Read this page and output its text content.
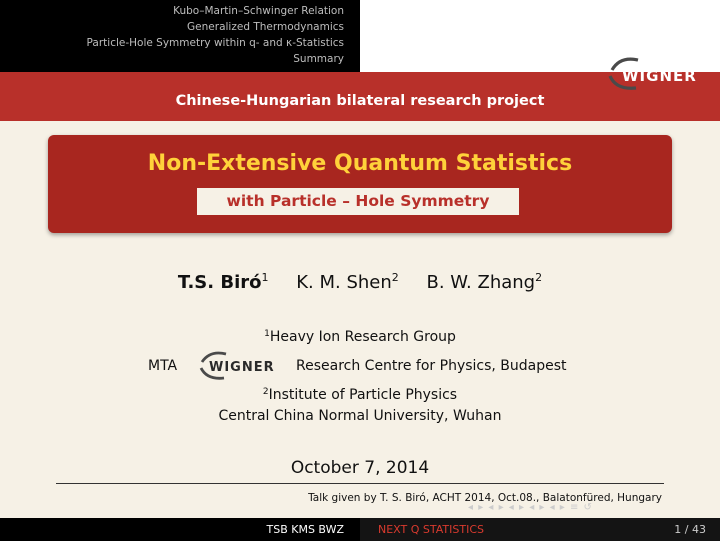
Kubo–Martin–Schwinger Relation
Generalized Thermodynamics
Particle-Hole Symmetry within q- and κ-Statistics
Summary
Chinese-Hungarian bilateral research project
WIGNER
Non-Extensive Quantum Statistics
with Particle – Hole Symmetry
T.S. Biró$^1$ K. M. Shen$^2$ B. W. Zhang$^2$
$^1$Heavy Ion Research Group
MTA WIGNER Research Centre for Physics, Budapest
$^2$Institute of Particle Physics
Central China Normal University, Wuhan
October 7, 2014
Talk given by T. S. Biró, ACHT 2014, Oct.08., Balatonfüred, Hungary
◂ ▸ ◂ ▸ ◂ ▸ ◂ ▸ ◂ ▸ ≡ ↺
TSB KMS BWZ	NEXT Q STATISTICS	1 / 43
